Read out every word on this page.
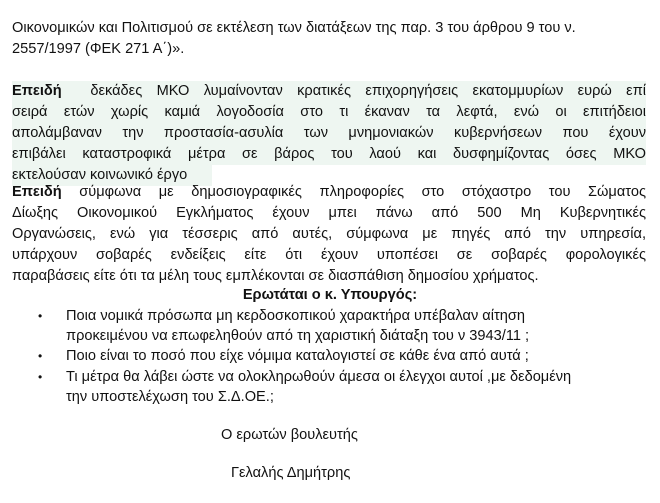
Οικονομικών και Πολιτισμού σε εκτέλεση των διατάξεων της παρ. 3 του άρθρου 9 του ν.
2557/1997 (ΦΕΚ 271 Α΄)».
Επειδή δεκάδες ΜΚΟ λυμαίνονταν κρατικές επιχορηγήσεις εκατομμυρίων ευρώ επί
σειρά ετών χωρίς καμιά λογοδοσία στο τι έκαναν τα λεφτά, ενώ οι επιτήδειοι
απολάμβαναν την προστασία-ασυλία των μνημονιακών κυβερνήσεων που έχουν
επιβάλει καταστροφικά μέτρα σε βάρος του λαού και δυσφημίζοντας όσες ΜΚΟ
εκτελούσαν κοινωνικό έργο
Επειδή σύμφωνα με δημοσιογραφικές πληροφορίες στο στόχαστρο του Σώματος
Δίωξης Οικονομικού Εγκλήματος έχουν μπει πάνω από 500 Μη Κυβερνητικές
Οργανώσεις, ενώ για τέσσερις από αυτές, σύμφωνα με πηγές από την υπηρεσία,
υπάρχουν σοβαρές ενδείξεις είτε ότι έχουν υποπέσει σε σοβαρές φορολογικές
παραβάσεις είτε ότι τα μέλη τους εμπλέκονται σε διασπάθιση δημοσίου χρήματος.
Ερωτάται ο κ. Υπουργός:
•	Ποια νομικά πρόσωπα μη κερδοσκοπικού χαρακτήρα υπέβαλαν αίτηση
προκειμένου να επωφεληθούν από τη χαριστική διάταξη του ν 3943/11 ;
•	Ποιο είναι το ποσό που είχε νόμιμα καταλογιστεί σε κάθε ένα από αυτά ;
•	Τι μέτρα θα λάβει ώστε να ολοκληρωθούν άμεσα οι έλεγχοι αυτοί ,με δεδομένη
την υποστελέχωση του Σ.Δ.ΟΕ.;
Ο ερωτών βουλευτής
Γελαλής Δημήτρης
